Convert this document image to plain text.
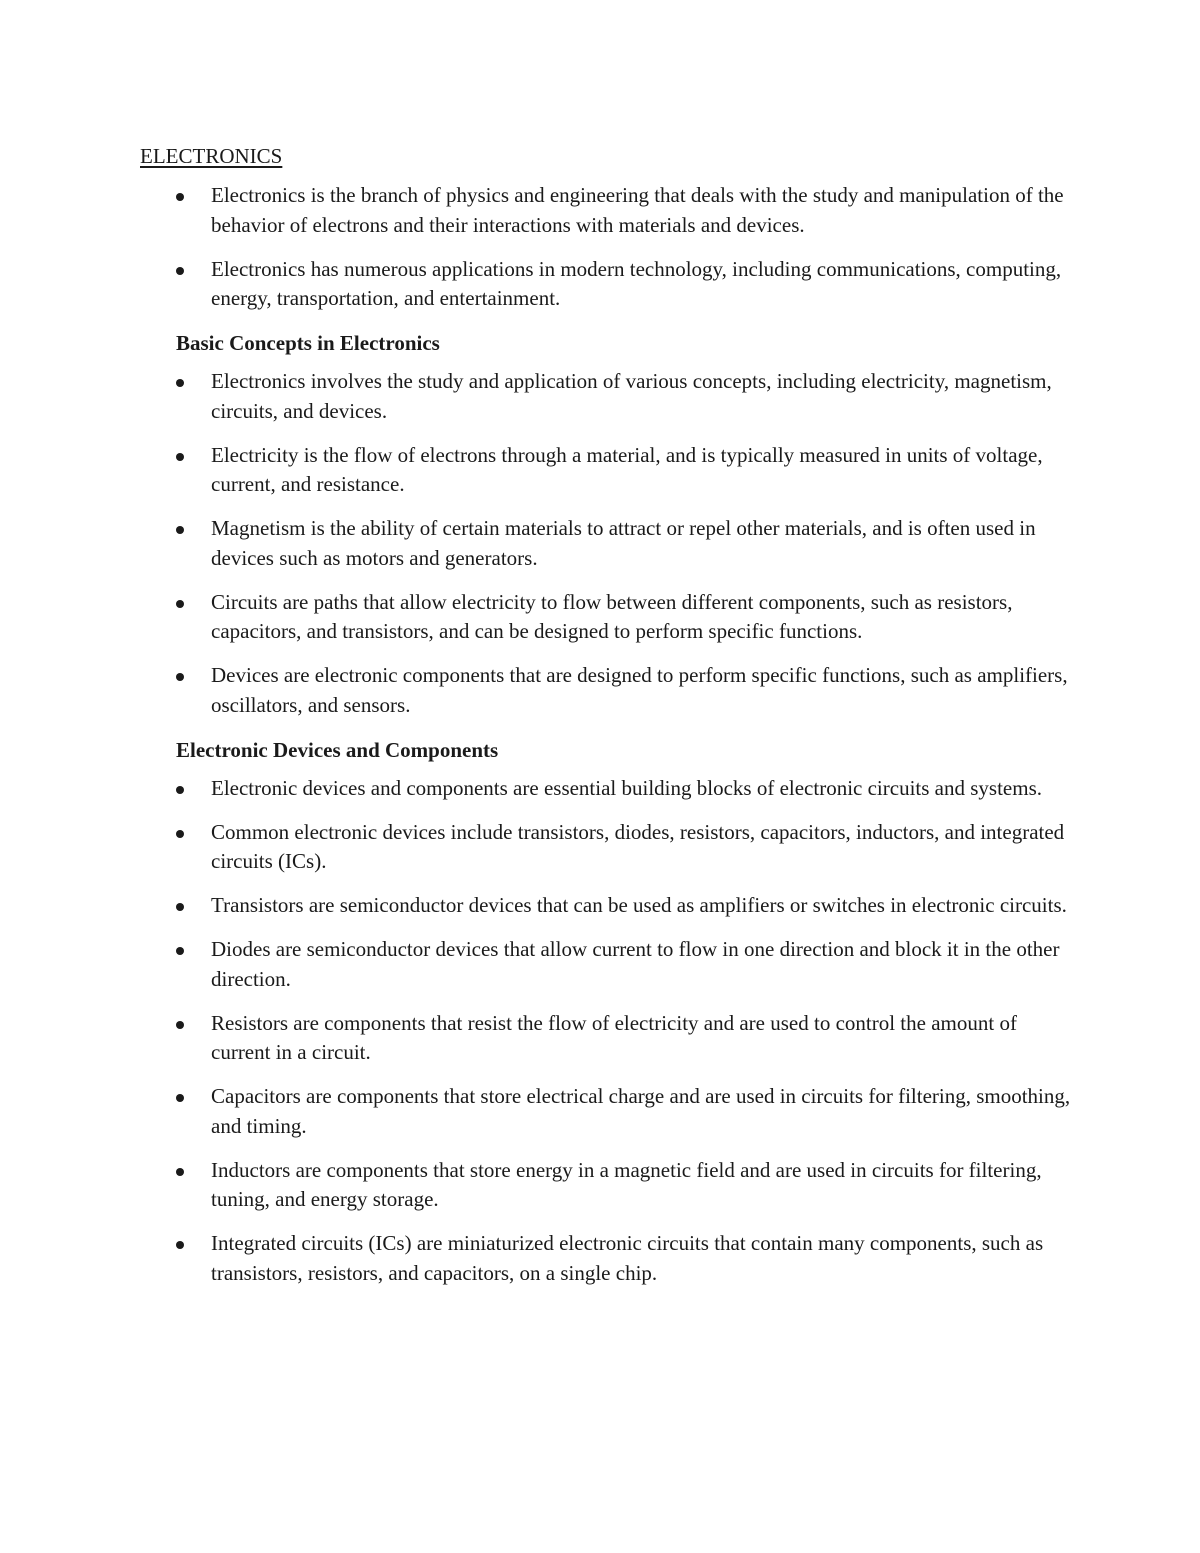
ELECTRONICS
Electronics is the branch of physics and engineering that deals with the study and manipulation of the behavior of electrons and their interactions with materials and devices.
Electronics has numerous applications in modern technology, including communications, computing, energy, transportation, and entertainment.
Basic Concepts in Electronics
Electronics involves the study and application of various concepts, including electricity, magnetism, circuits, and devices.
Electricity is the flow of electrons through a material, and is typically measured in units of voltage, current, and resistance.
Magnetism is the ability of certain materials to attract or repel other materials, and is often used in devices such as motors and generators.
Circuits are paths that allow electricity to flow between different components, such as resistors, capacitors, and transistors, and can be designed to perform specific functions.
Devices are electronic components that are designed to perform specific functions, such as amplifiers, oscillators, and sensors.
Electronic Devices and Components
Electronic devices and components are essential building blocks of electronic circuits and systems.
Common electronic devices include transistors, diodes, resistors, capacitors, inductors, and integrated circuits (ICs).
Transistors are semiconductor devices that can be used as amplifiers or switches in electronic circuits.
Diodes are semiconductor devices that allow current to flow in one direction and block it in the other direction.
Resistors are components that resist the flow of electricity and are used to control the amount of current in a circuit.
Capacitors are components that store electrical charge and are used in circuits for filtering, smoothing, and timing.
Inductors are components that store energy in a magnetic field and are used in circuits for filtering, tuning, and energy storage.
Integrated circuits (ICs) are miniaturized electronic circuits that contain many components, such as transistors, resistors, and capacitors, on a single chip.
